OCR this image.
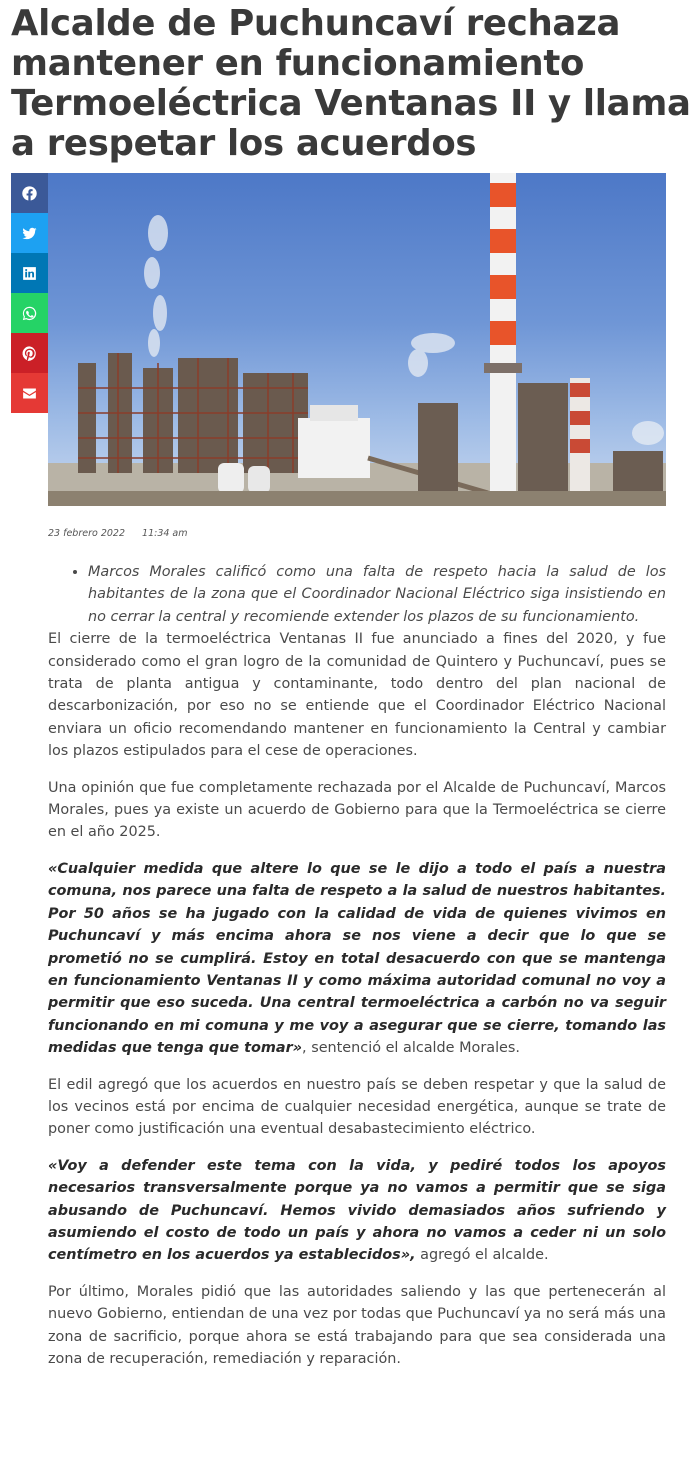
Alcalde de Puchuncaví rechaza mantener en funcionamiento Termoeléctrica Ventanas II y llama a respetar los acuerdos
23 febrero 2022 11:34 am
• Marcos Morales calificó como una falta de respeto hacia la salud de los habitantes de la zona que el Coordinador Nacional Eléctrico siga insistiendo en no cerrar la central y recomiende extender los plazos de su funcionamiento.

El cierre de la termoeléctrica Ventanas II fue anunciado a fines del 2020, y fue considerado como el gran logro de la comunidad de Quintero y Puchuncaví, pues se trata de planta antigua y contaminante, todo dentro del plan nacional de descarbonización, por eso no se entiende que el Coordinador Eléctrico Nacional enviara un oficio recomendando mantener en funcionamiento la Central y cambiar los plazos estipulados para el cese de operaciones.

Una opinión que fue completamente rechazada por el Alcalde de Puchuncaví, Marcos Morales, pues ya existe un acuerdo de Gobierno para que la Termoeléctrica se cierre en el año 2025.

«Cualquier medida que altere lo que se le dijo a todo el país a nuestra comuna, nos parece una falta de respeto a la salud de nuestros habitantes. Por 50 años se ha jugado con la calidad de vida de quienes vivimos en Puchuncaví y más encima ahora se nos viene a decir que lo que se prometió no se cumplirá. Estoy en total desacuerdo con que se mantenga en funcionamiento Ventanas II y como máxima autoridad comunal no voy a permitir que eso suceda. Una central termoeléctrica a carbón no va seguir funcionando en mi comuna y me voy a asegurar que se cierre, tomando las medidas que tenga que tomar», sentenció el alcalde Morales.

El edil agregó que los acuerdos en nuestro país se deben respetar y que la salud de los vecinos está por encima de cualquier necesidad energética, aunque se trate de poner como justificación una eventual desabastecimiento eléctrico.

«Voy a defender este tema con la vida, y pediré todos los apoyos necesarios transversalmente porque ya no vamos a permitir que se siga abusando de Puchuncaví. Hemos vivido demasiados años sufriendo y asumiendo el costo de todo un país y ahora no vamos a ceder ni un solo centímetro en los acuerdos ya establecidos», agregó el alcalde.

Por último, Morales pidió que las autoridades saliendo y las que pertenecerán al nuevo Gobierno, entiendan de una vez por todas que Puchuncaví ya no será más una zona de sacrificio, porque ahora se está trabajando para que sea considerada una zona de recuperación, remediación y reparación.
